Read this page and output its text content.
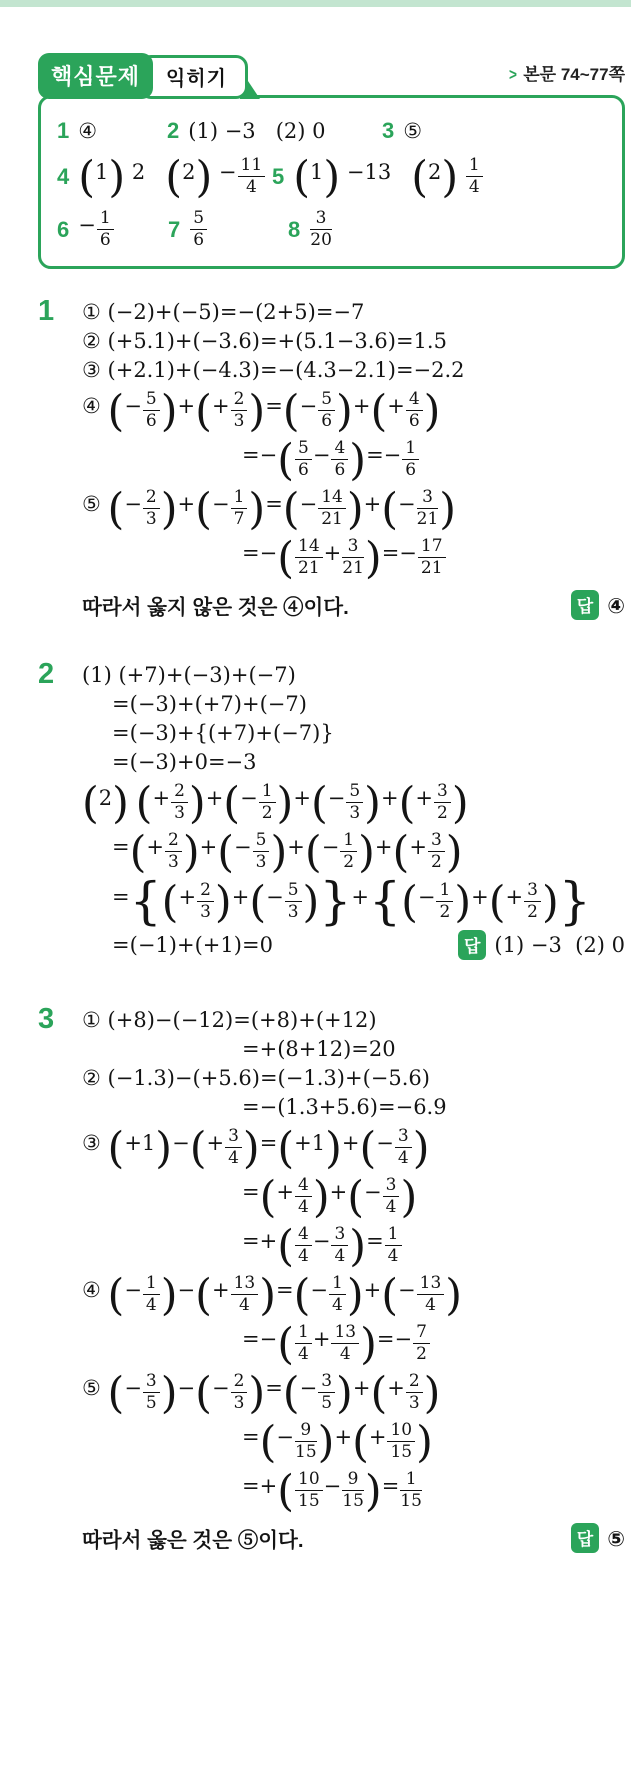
핵심문제	익히기	> 본문 74~77쪽
1 ④	2 (1) −3   (2) 0	3 ⑤
4 (1) 2   $(2) - \frac{11}{4} 5$ (1) −13   $(2) \frac{1}{4}$
$6 - \frac{1}{6} 7 \frac{5}{6}$	$8 \frac{3}{20}$
1	① (−2)+(−5)=−(2+5)=−7
② (+5.1)+(−3.6)=+(5.1−3.6)=1.5
③ (+2.1)+(−4.3)=−(4.3−2.1)=−2.2
④ (− $\frac{5}{6}$ )+(+ $\frac{2}{3}$ )=(− $\frac{5}{6}$ )+(+ $\frac{4}{6}$ )
=−( $\frac{5}{6} - \frac{4}{6}$ )=− $\frac{1}{6}$
⑤ (− $\frac{2}{3}$ )+(− $\frac{1}{7}$ )=(− $\frac{14}{21}$ )+(− $\frac{3}{21}$ )
=−( $\frac{14}{21} + \frac{3}{21}$ )=− $\frac{17}{21}$
따라서 옳지 않은 것은 ④이다.	답 ④
2	(1) (+7)+(−3)+(−7)
=(−3)+(+7)+(−7)
=(−3)+{(+7)+(−7)}
=(−3)+0=−3
(2) (+ $\frac{2}{3}$ )+(− $\frac{1}{2}$ )+(− $\frac{5}{3}$ )+(+ $\frac{3}{2}$ )
=(+ $\frac{2}{3}$ )+(− $\frac{5}{3}$ )+(− $\frac{1}{2}$ )+(+ $\frac{3}{2}$ )
={(+ $\frac{2}{3}$ )+(− $\frac{5}{3}$ )}+{(− $\frac{1}{2}$ )+(+ $\frac{3}{2}$ )}
=(−1)+(+1)=0	답 (1) −3  (2) 0
3	① (+8)−(−12)=(+8)+(+12)
=+(8+12)=20
② (−1.3)−(+5.6)=(−1.3)+(−5.6)
=−(1.3+5.6)=−6.9
③ $(+1)-(+ \frac{3}{4} )=(+1)+(- \frac{3}{4}$ )
=(+ $\frac{4}{4}$ )+(− $\frac{3}{4}$ )
=+( $\frac{4}{4} - \frac{3}{4}$ )= $\frac{1}{4}$
④ (− $\frac{1}{4}$ )−(+ $\frac{13}{4}$ )=(− $\frac{1}{4}$ )+(− $\frac{13}{4}$ )
=−( $\frac{1}{4} + \frac{13}{4}$ )=− $\frac{7}{2}$
⑤ (− $\frac{3}{5}$ )−(− $\frac{2}{3}$ )=(− $\frac{3}{5}$ )+(+ $\frac{2}{3}$ )
=(− $\frac{9}{15}$ )+(+ $\frac{10}{15}$ )
=+( $\frac{10}{15} - \frac{9}{15}$ )= $\frac{1}{15}$
따라서 옳은 것은 ⑤이다.	답 ⑤
